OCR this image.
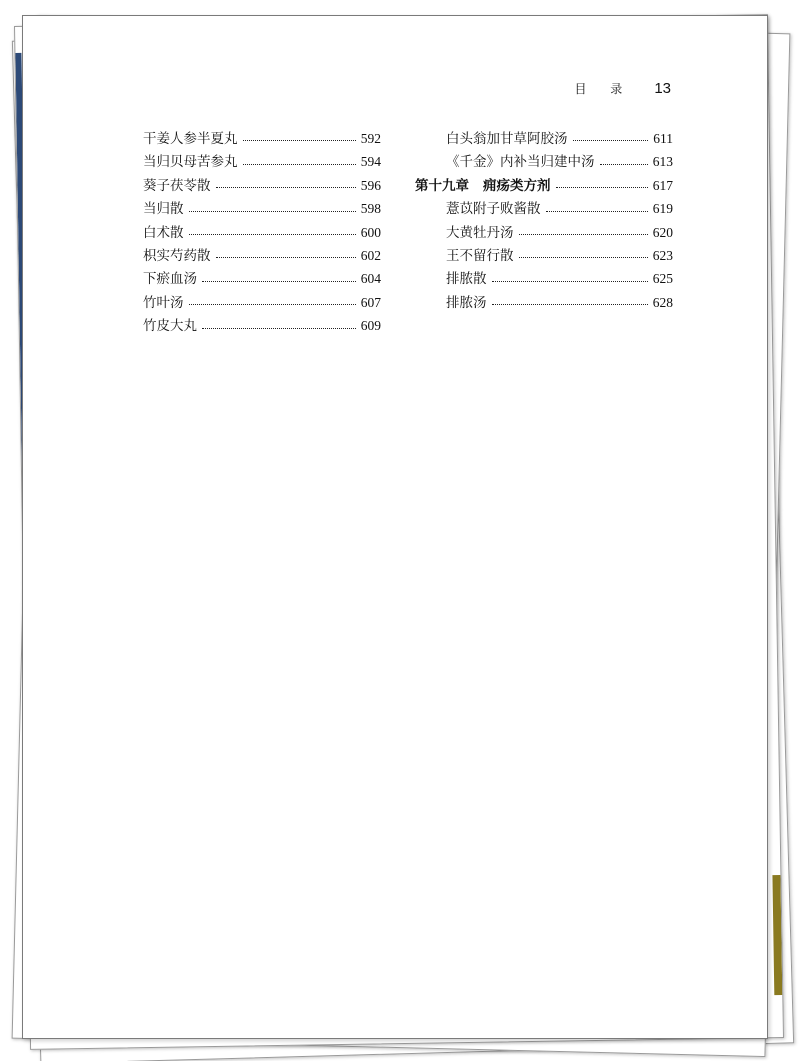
目 录 13
干姜人参半夏丸	592
当归贝母苦参丸	594
葵子茯苓散	596
当归散	598
白术散	600
枳实芍药散	602
下瘀血汤	604
竹叶汤	607
竹皮大丸	609
白头翁加甘草阿胶汤	611
《千金》内补当归建中汤	613
第十九章 痈疡类方剂	617
薏苡附子败酱散	619
大黄牡丹汤	620
王不留行散	623
排脓散	625
排脓汤	628
